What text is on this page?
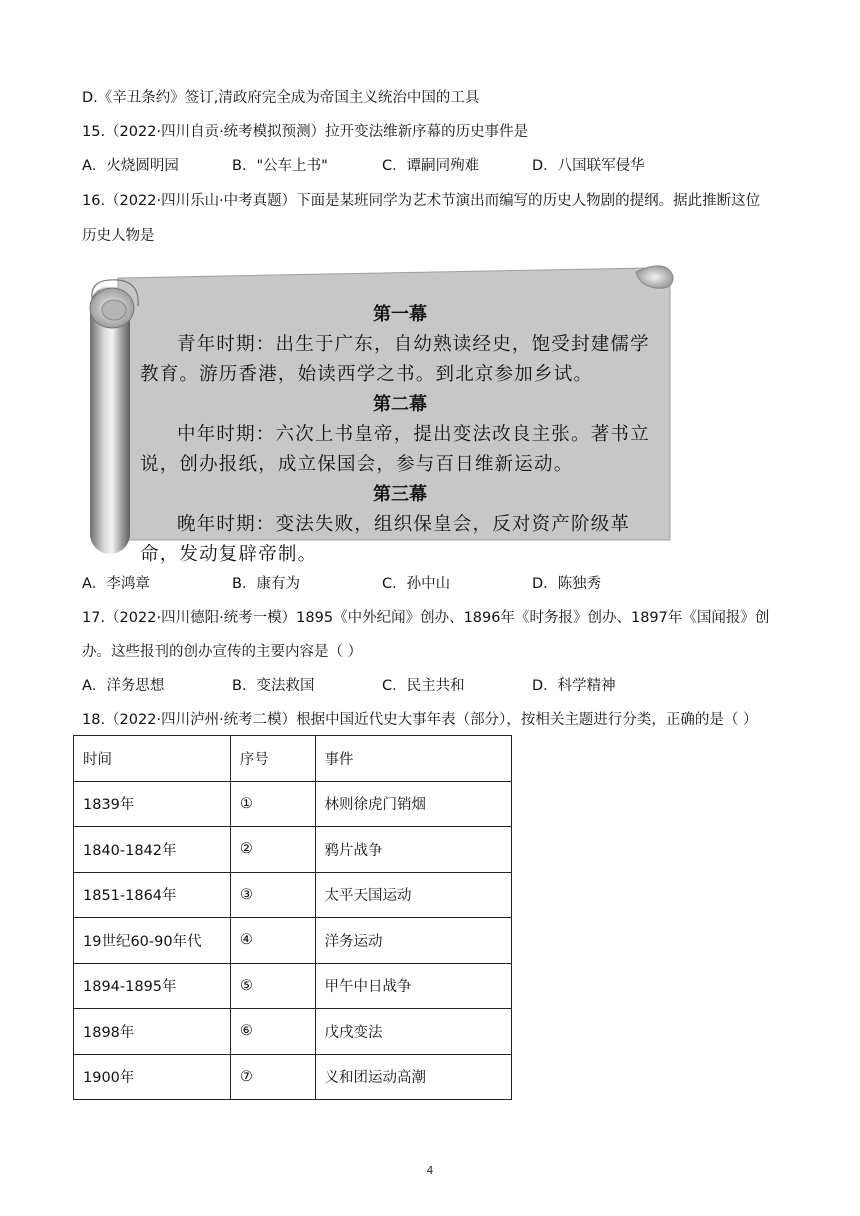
D.《辛丑条约》签订,清政府完全成为帝国主义统治中国的工具
15.（2022·四川自贡·统考模拟预测）拉开变法维新序幕的历史事件是
A．火烧圆明园	B．"公车上书"	C．谭嗣同殉难	D．八国联军侵华
16.（2022·四川乐山·中考真题）下面是某班同学为艺术节演出而编写的历史人物剧的提纲。据此推断这位
历史人物是
第一幕
青年时期：出生于广东，自幼熟读经史，饱受封建儒学教育。游历香港，始读西学之书。到北京参加乡试。
第二幕
中年时期：六次上书皇帝，提出变法改良主张。著书立说，创办报纸，成立保国会，参与百日维新运动。
第三幕
晚年时期：变法失败，组织保皇会，反对资产阶级革命，发动复辟帝制。
A．李鸿章	B．康有为	C．孙中山	D．陈独秀
17.（2022·四川德阳·统考一模）1895《中外纪闻》创办、1896年《时务报》创办、1897年《国闻报》创
办。这些报刊的创办宣传的主要内容是（ ）
A．洋务思想	B．变法救国	C．民主共和	D．科学精神
18.（2022·四川泸州·统考二模）根据中国近代史大事年表（部分），按相关主题进行分类，正确的是（ ）
时间	序号	事件
1839年	①	林则徐虎门销烟
1840-1842年	②	鸦片战争
1851-1864年	③	太平天国运动
19世纪60-90年代	④	洋务运动
1894-1895年	⑤	甲午中日战争
1898年	⑥	戊戌变法
1900年	⑦	义和团运动高潮
4
